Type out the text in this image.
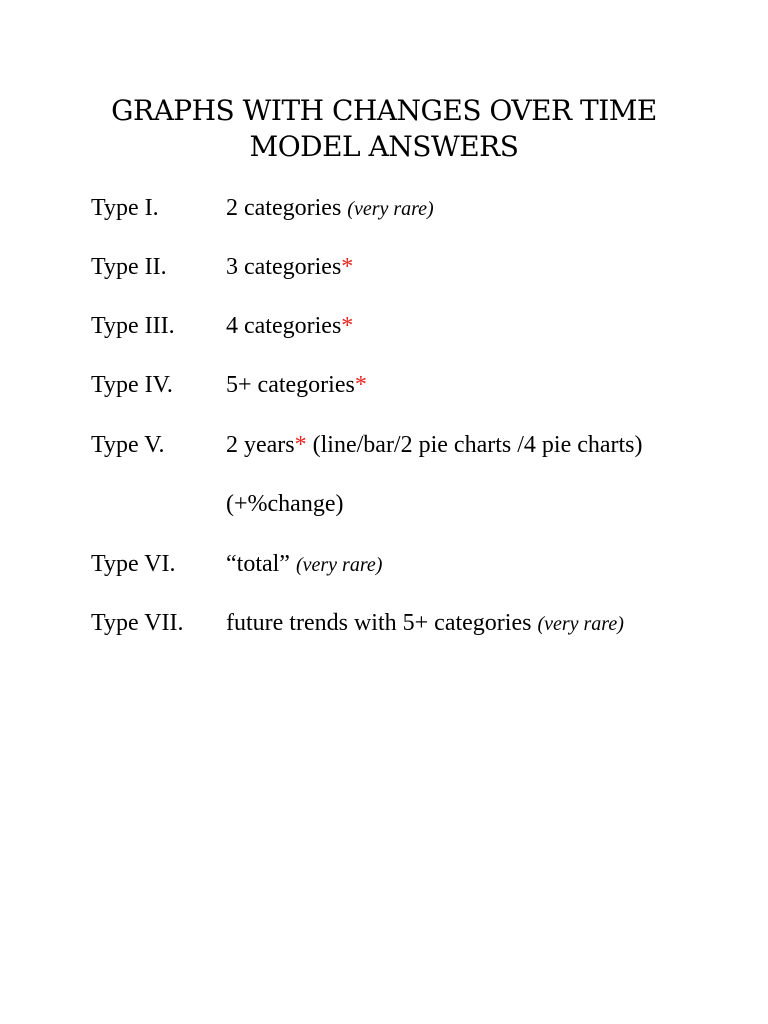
GRAPHS WITH CHANGES OVER TIME
MODEL ANSWERS
Type I.	2 categories (very rare)
Type II. 3 categories*
Type III. 4 categories*
Type IV. 5+ categories*
Type V.	2 years* (line/bar/2 pie charts /4 pie charts)
(+%change)
Type VI. “total” (very rare)
Type VII. future trends with 5+ categories (very rare)
